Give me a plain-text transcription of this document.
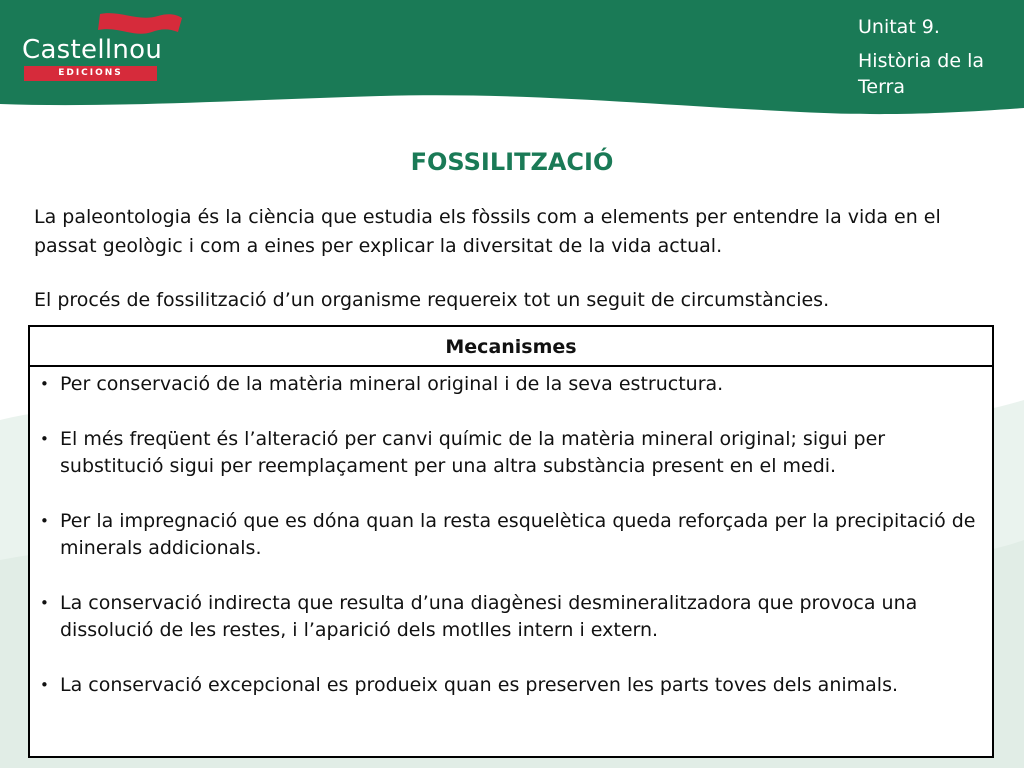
Castellnou
EDICIONS
Unitat 9.
Història de la Terra
FOSSILITZACIÓ

La paleontologia és la ciència que estudia els fòssils com a elements per entendre la vida en el passat geològic i com a eines per explicar la diversitat de la vida actual.

El procés de fossilització d’un organisme requereix tot un seguit de circumstàncies.

Mecanismes
• Per conservació de la matèria mineral original i de la seva estructura.
• El més freqüent és l’alteració per canvi químic de la matèria mineral original; sigui per substitució sigui per reemplaçament per una altra substància present en el medi.
• Per la impregnació que es dóna quan la resta esquelètica queda reforçada per la precipitació de minerals addicionals.
• La conservació indirecta que resulta d’una diagènesi desmineralitzadora que provoca una dissolució de les restes, i l’aparició dels motlles intern i extern.
• La conservació excepcional es produeix quan es preserven les parts toves dels animals.
